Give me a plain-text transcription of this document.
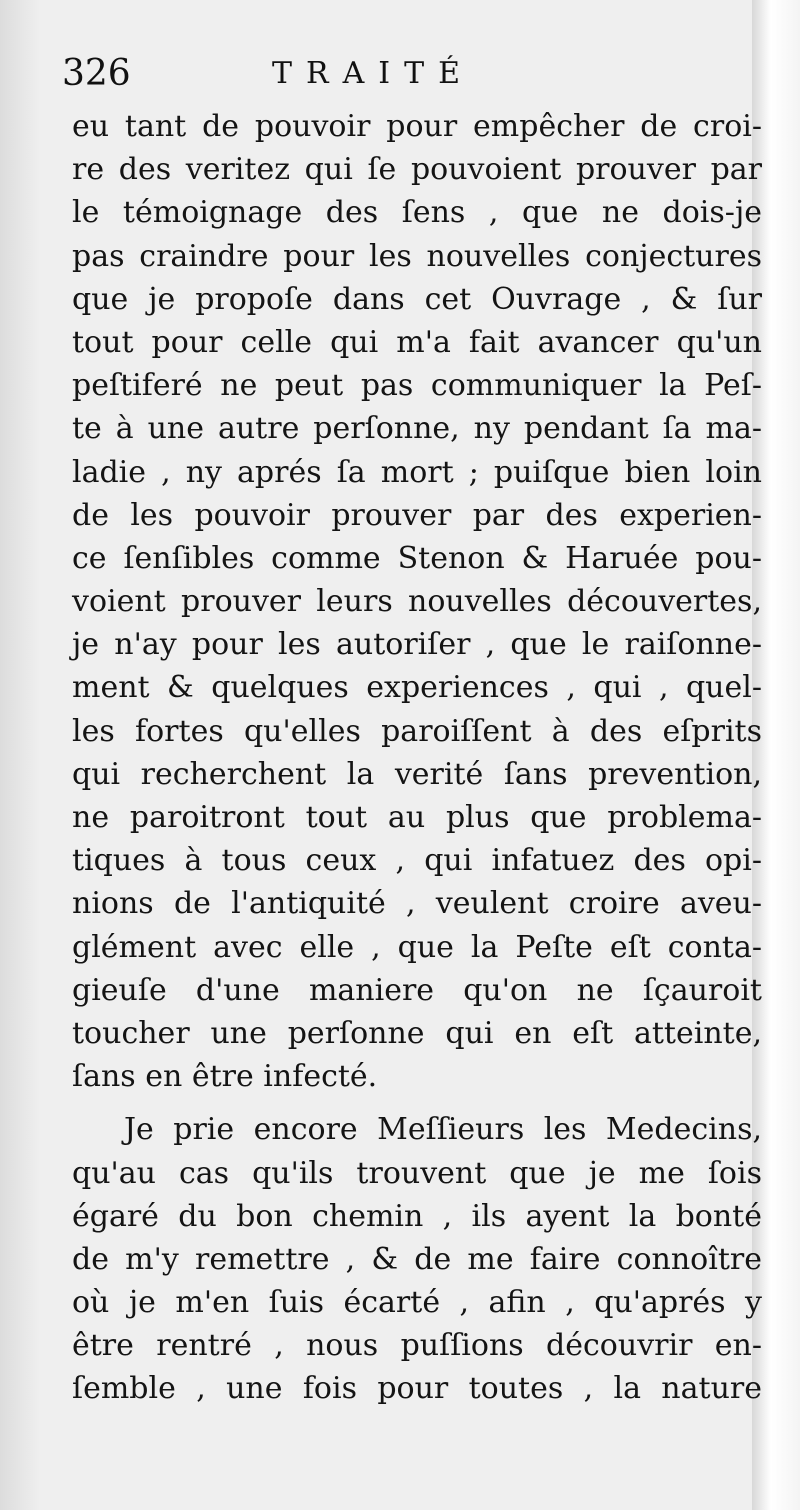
326	TRAITÉ
eu tant de pouvoir pour empêcher de croi-
re des veritez qui ſe pouvoient prouver par
le témoignage des ſens , que ne dois-je
pas craindre pour les nouvelles conjectures
que je propoſe dans cet Ouvrage , & ſur
tout pour celle qui m'a fait avancer qu'un
peſtiferé ne peut pas communiquer la Peſ-
te à une autre perſonne, ny pendant ſa ma-
ladie , ny aprés ſa mort ; puiſque bien loin
de les pouvoir prouver par des experien-
ce ſenſibles comme Stenon & Haruée pou-
voient prouver leurs nouvelles découvertes,
je n'ay pour les autoriſer , que le raiſonne-
ment & quelques experiences , qui , quel-
les fortes qu'elles paroiſſent à des eſprits
qui recherchent la verité ſans prevention,
ne paroitront tout au plus que problema-
tiques à tous ceux , qui infatuez des opi-
nions de l'antiquité , veulent croire aveu-
glément avec elle , que la Peſte eſt conta-
gieuſe d'une maniere qu'on ne ſçauroit
toucher une perſonne qui en eſt atteinte,
ſans en être infecté.
Je prie encore Meſſieurs les Medecins,
qu'au cas qu'ils trouvent que je me ſois
égaré du bon chemin , ils ayent la bonté
de m'y remettre , & de me faire connoître
où je m'en ſuis écarté , afin , qu'aprés y
être rentré , nous puſſions découvrir en-
ſemble , une fois pour toutes , la nature
